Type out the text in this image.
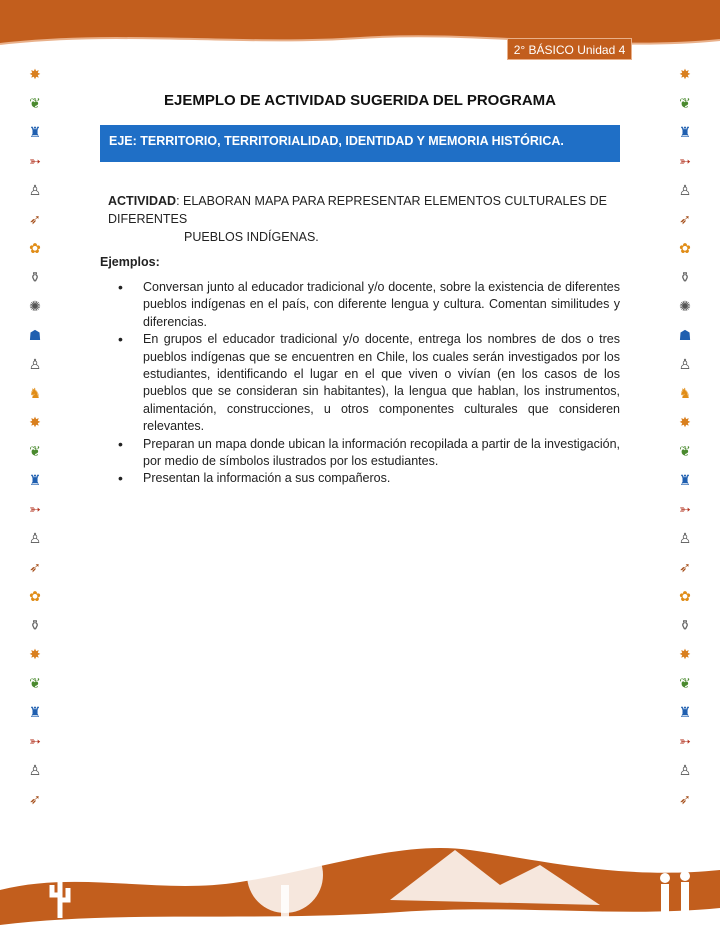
2° BÁSICO Unidad 4
✸
❦
♜
➳
♙
➶
✿
⚱
✺
☗
♙
♞
✸
❦
♜
➳
♙
➶
✿
⚱
✸
❦
♜
➳
♙
➶
✸
❦
♜
➳
♙
➶
✿
⚱
✺
☗
♙
♞
✸
❦
♜
➳
♙
➶
✿
⚱
✸
❦
♜
➳
♙
➶
EJEMPLO DE ACTIVIDAD SUGERIDA DEL PROGRAMA
EJE: TERRITORIO, TERRITORIALIDAD, IDENTIDAD Y MEMORIA HISTÓRICA.
ACTIVIDAD: ELABORAN MAPA PARA REPRESENTAR ELEMENTOS CULTURALES DE DIFERENTES
PUEBLOS INDÍGENAS.
Ejemplos:
• Conversan junto al educador tradicional y/o docente, sobre la existencia de diferentes pueblos indígenas en el país, con diferente lengua y cultura. Comentan similitudes y diferencias.
• En grupos el educador tradicional y/o docente, entrega los nombres de dos o tres pueblos indígenas que se encuentren en Chile, los cuales serán investigados por los estudiantes, identificando el lugar en el que viven o vivían (en los casos de los pueblos que se consideran sin habitantes), la lengua que hablan, los instrumentos, alimentación, construcciones, u otros componentes culturales que consideren relevantes.
• Preparan un mapa donde ubican la información recopilada a partir de la investigación, por medio de símbolos ilustrados por los estudiantes.
• Presentan la información a sus compañeros.
